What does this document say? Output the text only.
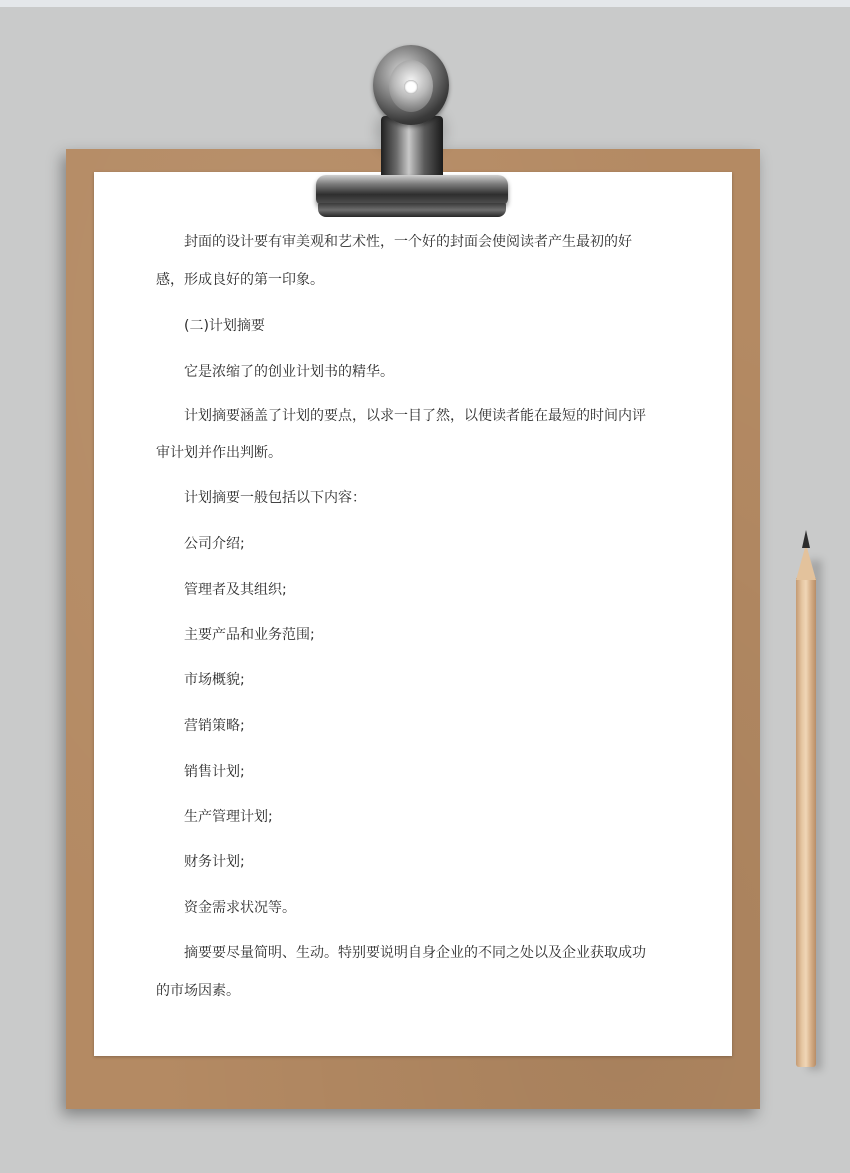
封面的设计要有审美观和艺术性，一个好的封面会使阅读者产生最初的好
感，形成良好的第一印象。
(二)计划摘要
它是浓缩了的创业计划书的精华。
计划摘要涵盖了计划的要点，以求一目了然，以便读者能在最短的时间内评
审计划并作出判断。
计划摘要一般包括以下内容：
公司介绍;
管理者及其组织;
主要产品和业务范围;
市场概貌;
营销策略;
销售计划;
生产管理计划;
财务计划;
资金需求状况等。
摘要要尽量简明、生动。特别要说明自身企业的不同之处以及企业获取成功
的市场因素。
